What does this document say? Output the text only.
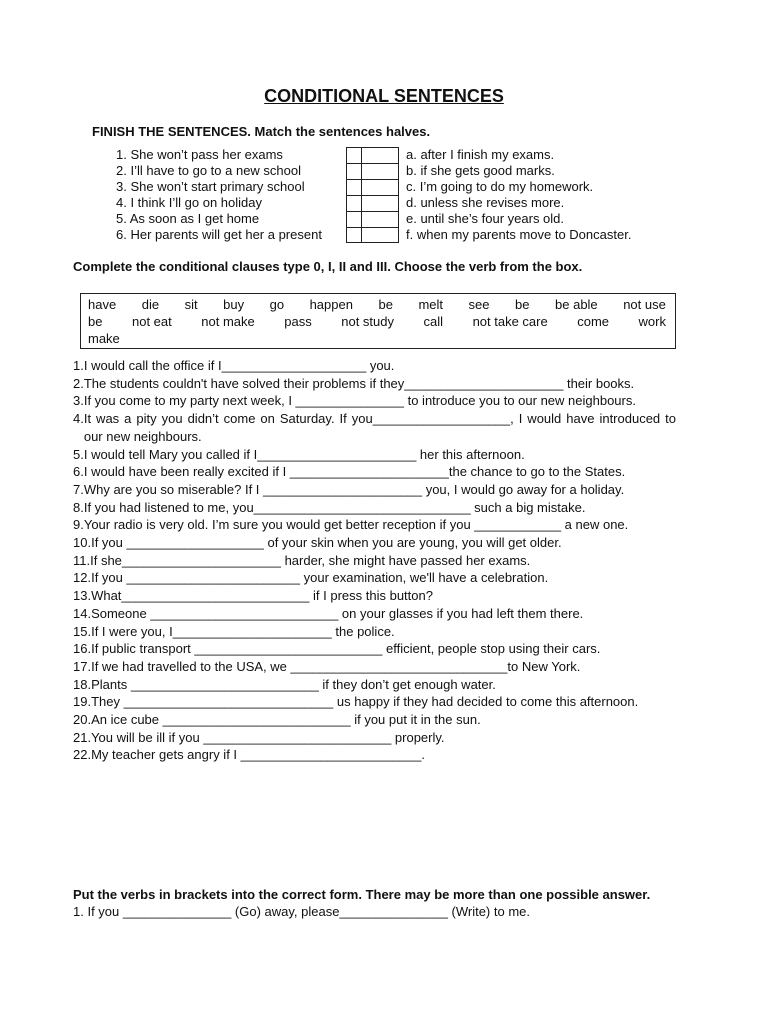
CONDITIONAL SENTENCES
FINISH THE SENTENCES. Match the sentences halves.
1. She won’t pass her exams
2. I’ll have to go to a new school
3. She won’t start primary school
4. I think I’ll go on holiday
5. As soon as I get home
6. Her parents will get her a present
a. after I finish my exams.
b. if she gets good marks.
c. I’m going to do my homework.
d. unless she revises more.
e. until she’s four years old.
f. when my parents move to Doncaster.
Complete the conditional clauses type 0, I, II and III. Choose the verb from the box.
have die sit buy go happen be melt see be be able not use
be not eat not make pass not study call not take care come work
make
1. I would call the office if I____________________ you.
2. The students couldn't have solved their problems if they______________________ their books.
3. If you come to my party next week, I _______________ to introduce you to our new neighbours.
4. It was a pity you didn’t come on Saturday. If you___________________, I would have introduced to our new neighbours.
5. I would tell Mary you called if I______________________ her this afternoon.
6. I would have been really excited if I ______________________the chance to go to the States.
7. Why are you so miserable? If I ______________________ you, I would go away for a holiday.
8. If you had listened to me, you______________________________ such a big mistake.
9. Your radio is very old. I’m sure you would get better reception if you ____________ a new one.
10. If you ___________________ of your skin when you are young, you will get older.
11. If she______________________ harder, she might have passed her exams.
12. If you ________________________ your examination, we'll have a celebration.
13. What__________________________ if I press this button?
14. Someone __________________________ on your glasses if you had left them there.
15. If I were you, I______________________ the police.
16. If public transport __________________________ efficient, people stop using their cars.
17. If we had travelled to the USA, we ______________________________to New York.
18. Plants __________________________ if they don’t get enough water.
19. They _____________________________ us happy if they had decided to come this afternoon.
20. An ice cube __________________________ if you put it in the sun.
21. You will be ill if you __________________________ properly.
22. My teacher gets angry if I _________________________.
Put the verbs in brackets into the correct form. There may be more than one possible answer.
1. If you _______________ (Go) away, please_______________ (Write) to me.
